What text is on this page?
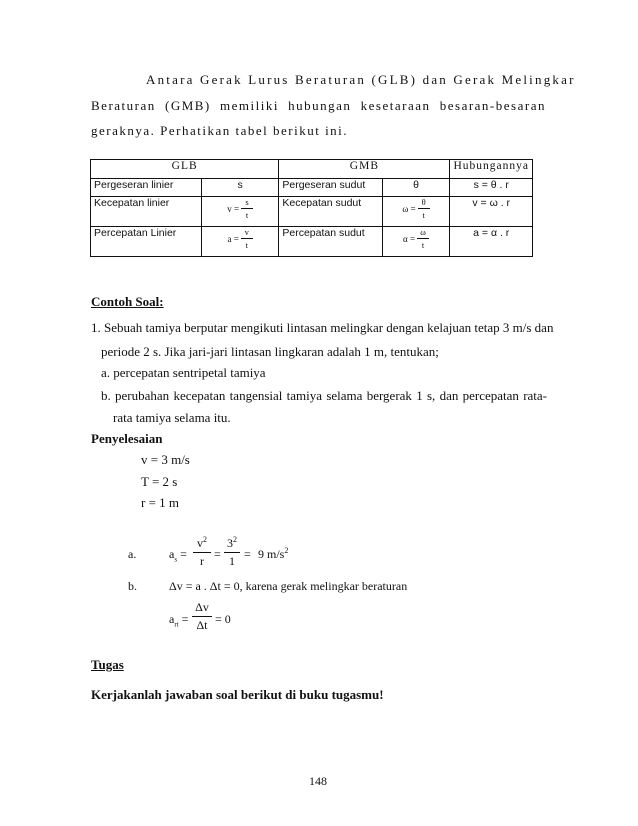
Antara Gerak Lurus Beraturan (GLB) dan Gerak Melingkar
Beraturan (GMB) memiliki hubungan kesetaraan besaran-besaran
geraknya. Perhatikan tabel berikut ini.
GLB		GMB		Hubungannya
Pergeseran linier	s	Pergeseran sudut	θ	s = θ . r
Kecepatan linier	$v = \frac{s}{t}$	Kecepatan sudut	$\omega = \frac{\theta}{t}$	v = ω . r
Percepatan Linier	$a = \frac{v}{t}$	Percepatan sudut	$\alpha = \frac{\omega}{t}$	a = α . r
Contoh Soal:
1. Sebuah tamiya berputar mengikuti lintasan melingkar dengan kelajuan tetap 3 m/s dan
periode 2 s. Jika jari-jari lintasan lingkaran adalah 1 m, tentukan;
a. percepatan sentripetal tamiya
b. perubahan kecepatan tangensial tamiya selama bergerak 1 s, dan percepatan rata-
rata tamiya selama itu.
Penyelesaian
v = 3 m/s
T = 2 s
r = 1 m
a.	$a_s$ =
$v^2$
r =
$3^2$
1 = 9 $m/s^2$
b.	Δv = a . Δt = 0, karena gerak melingkar beraturan
$a_{rt}$ =
Δv
Δt = 0
Tugas
Kerjakanlah jawaban soal berikut di buku tugasmu!
148
